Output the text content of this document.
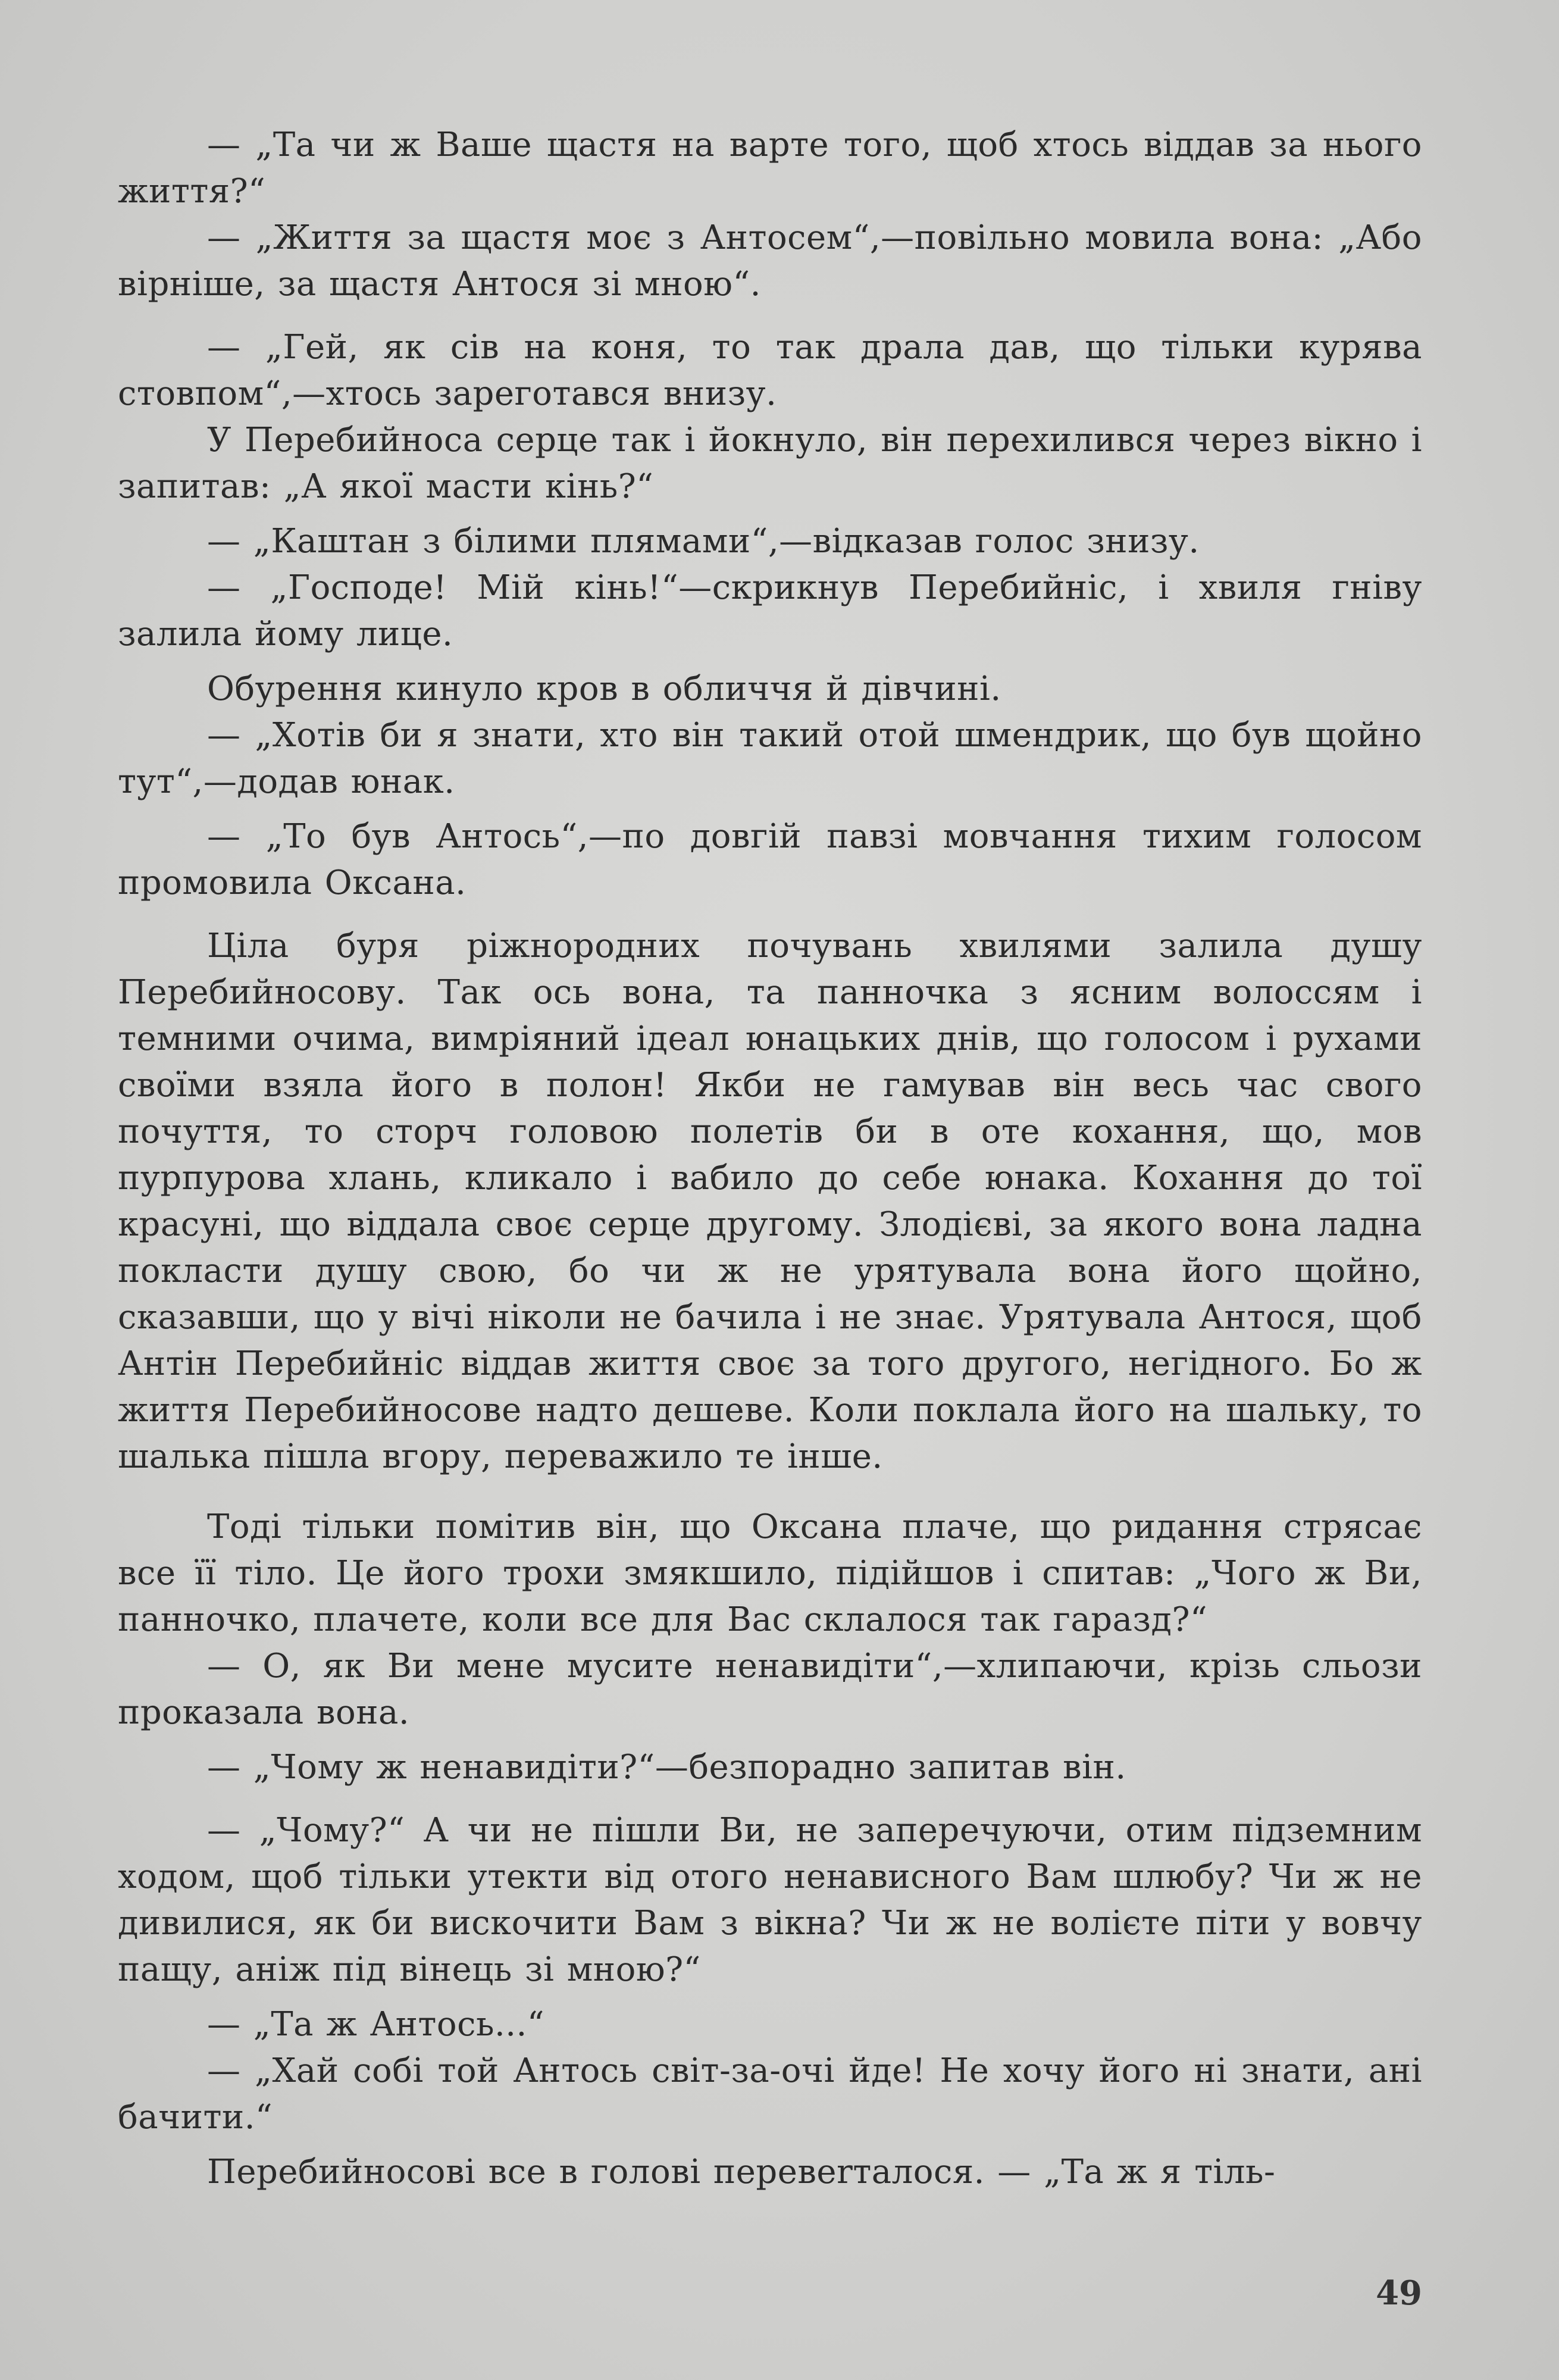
— „Та чи ж Ваше щастя на варте того, щоб хтось віддав за нього життя?“

— „Життя за щастя моє з Антосем“,—повільно мовила вона: „Або вірніше, за щастя Антося зі мною“.

— „Гей, як сів на коня, то так драла дав, що тільки курява стовпом“,—хтось зареготався внизу.

У Перебийноса серце так і йокнуло, він перехилився через вікно і запитав: „А якої масти кінь?“

— „Каштан з білими плямами“,—відказав голос знизу.

— „Господе! Мій кінь!“—скрикнув Перебийніс, і хвиля гніву залила йому лице.

Обурення кинуло кров в обличчя й дівчині.

— „Хотів би я знати, хто він такий отой шмендрик, що був щойно тут“,—додав юнак.

— „То був Антось“,—по довгій павзі мовчання тихим голосом промовила Оксана.

Ціла буря ріжнородних почувань хвилями залила душу Перебийносову. Так ось вона, та панночка з ясним волоссям і темними очима, вимріяний ідеал юнацьких днів, що голосом і рухами своїми взяла його в полон! Якби не гамував він весь час свого почуття, то сторч головою полетів би в оте кохання, що, мов пурпурова хлань, кликало і вабило до себе юнака. Кохання до тої красуні, що віддала своє серце другому. Злодієві, за якого вона ладна покласти душу свою, бо чи ж не урятувала вона його щойно, сказавши, що у вічі ніколи не бачила і не знає. Урятувала Антося, щоб Антін Перебийніс віддав життя своє за того другого, негідного. Бо ж життя Перебийносове надто дешеве. Коли поклала його на шальку, то шалька пішла вгору, переважило те інше.

Тоді тільки помітив він, що Оксана плаче, що ридання стрясає все її тіло. Це його трохи змякшило, підійшов і спитав: „Чого ж Ви, панночко, плачете, коли все для Вас склалося так гаразд?“

— О, як Ви мене мусите ненавидіти“,—хлипаючи, крізь сльози проказала вона.

— „Чому ж ненавидіти?“—безпорадно запитав він.

— „Чому?“ А чи не пішли Ви, не заперечуючи, отим підземним ходом, щоб тільки утекти від отого ненависного Вам шлюбу? Чи ж не дивилися, як би вискочити Вам з вікна? Чи ж не волієте піти у вовчу пащу, аніж під вінець зі мною?“

— „Та ж Антось...“

— „Хай собі той Антось світ-за-очі йде! Не хочу його ні знати, ані бачити.“

Перебийносові все в голові перевerталося. — „Та ж я тіль-

49
